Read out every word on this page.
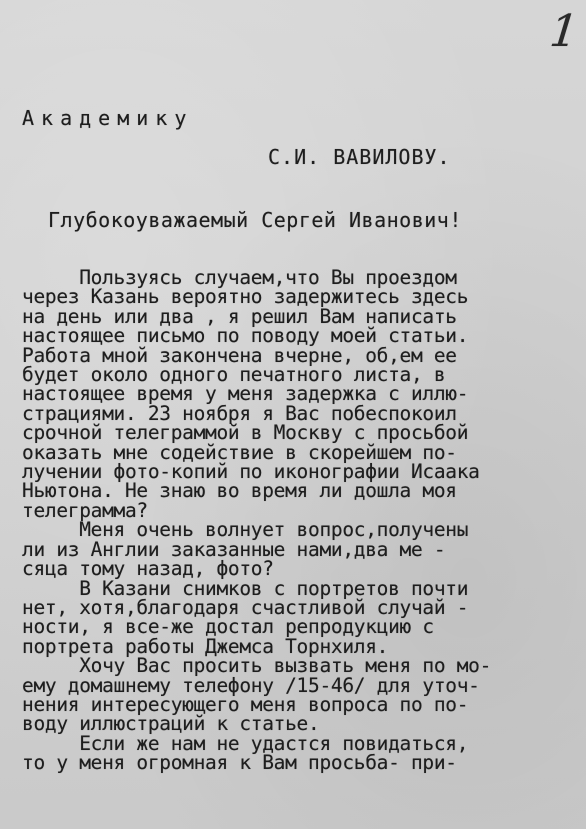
1
Академику
С.И. ВАВИЛОВУ.
Глубокоуважаемый Сергей Иванович!
Пользуясь случаем,что Вы проездом
через Казань вероятно задержитесь здесь
на день или два , я решил Вам написать
настоящее письмо по поводу моей статьи.
Работа мной закончена вчерне, об,ем ее
будет около одного печатного листа, в
настоящее время у меня задержка с иллю-
страциями. 23 ноября я Вас побеспокоил
срочной телеграммой в Москву с просьбой
оказать мне содействие в скорейшем по-
лучении фото-копий по иконографии Исаака
Ньютона. Не знаю во время ли дошла моя
телеграмма?
Меня очень волнует вопрос,получены
ли из Англии заказанные нами,два ме -
сяца тому назад, фото?
В Казани снимков с портретов почти
нет, хотя,благодаря счастливой случай -
ности, я все-же достал репродукцию с
портрета работы Джемса Торнхиля.
Хочу Вас просить вызвать меня по мо-
ему домашнему телефону /15-46/ для уточ-
нения интересующего меня вопроса по по-
воду иллюстраций к статье.
Если же нам не удастся повидаться,
то у меня огромная к Вам просьба- при-
